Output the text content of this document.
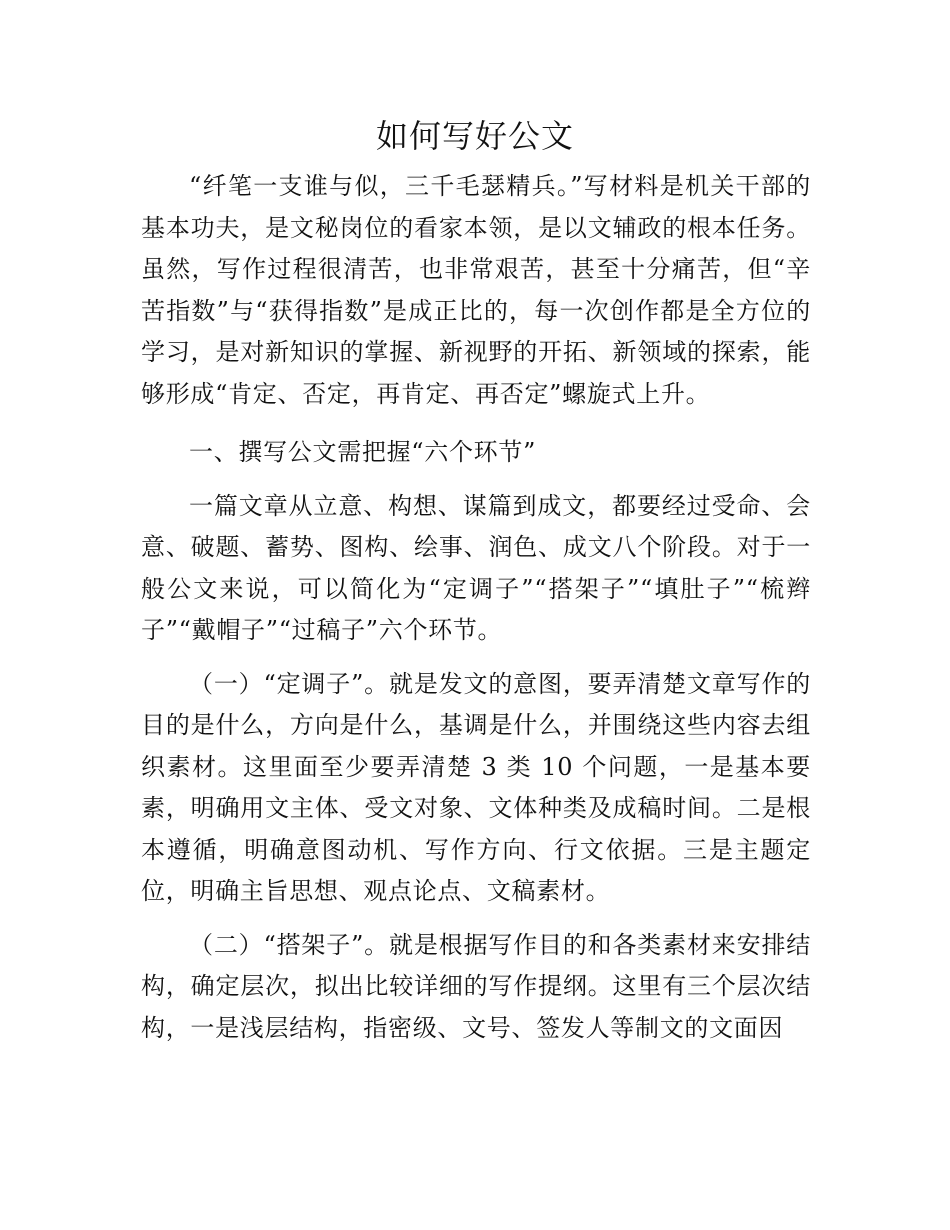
如何写好公文

“纤笔一支谁与似，三千毛瑟精兵。”写材料是机关干部的基本功夫，是文秘岗位的看家本领，是以文辅政的根本任务。虽然，写作过程很清苦，也非常艰苦，甚至十分痛苦，但“辛苦指数”与“获得指数”是成正比的，每一次创作都是全方位的学习，是对新知识的掌握、新视野的开拓、新领域的探索，能够形成“肯定、否定，再肯定、再否定”螺旋式上升。

一、撰写公文需把握“六个环节”

一篇文章从立意、构想、谋篇到成文，都要经过受命、会意、破题、蓄势、图构、绘事、润色、成文八个阶段。对于一般公文来说，可以简化为“定调子”“搭架子”“填肚子”“梳辫子”“戴帽子”“过稿子”六个环节。

（一）“定调子”。就是发文的意图，要弄清楚文章写作的目的是什么，方向是什么，基调是什么，并围绕这些内容去组织素材。这里面至少要弄清楚 3 类 10 个问题，一是基本要素，明确用文主体、受文对象、文体种类及成稿时间。二是根本遵循，明确意图动机、写作方向、行文依据。三是主题定位，明确主旨思想、观点论点、文稿素材。

（二）“搭架子”。就是根据写作目的和各类素材来安排结构，确定层次，拟出比较详细的写作提纲。这里有三个层次结构，一是浅层结构，指密级、文号、签发人等制文的文面因
